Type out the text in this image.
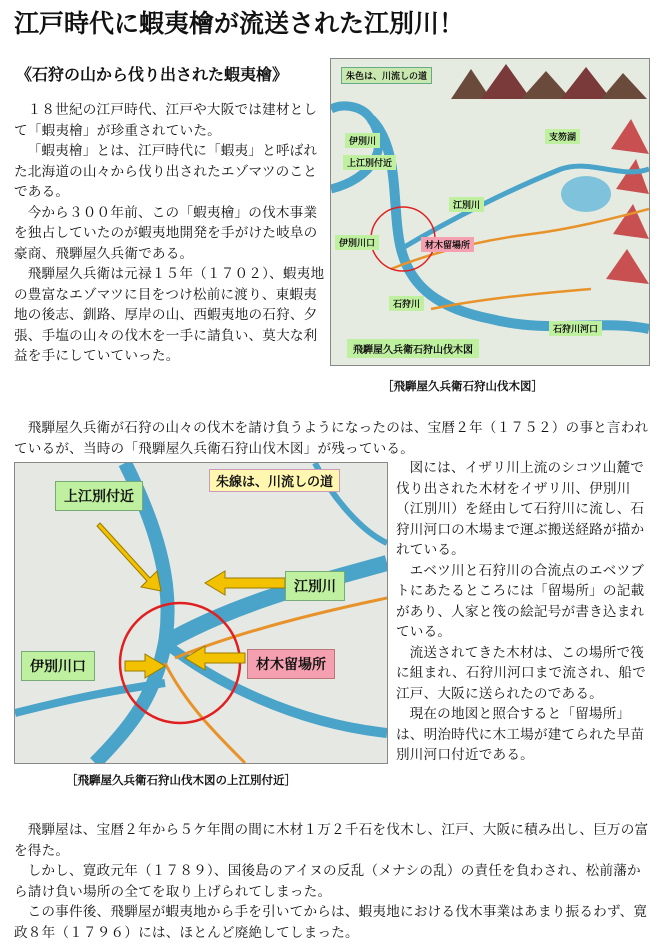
江戸時代に蝦夷檜が流送された江別川！
《石狩の山から伐り出された蝦夷檜》

１８世紀の江戸時代、江戸や大阪では建材として「蝦夷檜」が珍重されていた。

「蝦夷檜」とは、江戸時代に「蝦夷」と呼ばれた北海道の山々から伐り出されたエゾマツのことである。

今から３００年前、この「蝦夷檜」の伐木事業を独占していたのが蝦夷地開発を手がけた岐阜の豪商、飛騨屋久兵衛である。

飛騨屋久兵衛は元禄１５年（１７０２）、蝦夷地の豊富なエゾマツに目をつけ松前に渡り、東蝦夷地の後志、釧路、厚岸の山、西蝦夷地の石狩、夕張、手塩の山々の伐木を一手に請負い、莫大な利益を手にしていていった。

朱色は、川流しの道
伊別川
上江別付近
江別川
伊別川口	材木留場所
石狩川
支笏湖
石狩川河口
飛騨屋久兵衛石狩山伐木図
［飛騨屋久兵衛石狩山伐木図］

飛騨屋久兵衛が石狩の山々の伐木を請け負うようになったのは、宝暦２年（１７５２）の事と言われているが、当時の「飛騨屋久兵衛石狩山伐木図」が残っている。

朱線は、川流しの道
上江別付近
江別川
伊別川口	材木留場所
［飛騨屋久兵衛石狩山伐木図の上江別付近］

図には、イザリ川上流のシコツ山麓で伐り出された木材をイザリ川、伊別川（江別川）を経由して石狩川に流し、石狩川河口の木場まで運ぶ搬送経路が描かれている。

エベツ川と石狩川の合流点のエベツブトにあたるところには「留場所」の記載があり、人家と筏の絵記号が書き込まれている。

流送されてきた木材は、この場所で筏に組まれ、石狩川河口まで流され、船で江戸、大阪に送られたのである。

現在の地図と照合すると「留場所」は、明治時代に木工場が建てられた早苗別川河口付近である。

飛騨屋は、宝暦２年から５ケ年間の間に木材１万２千石を伐木し、江戸、大阪に積み出し、巨万の富を得た。

しかし、寛政元年（１７８９）、国後島のアイヌの反乱（メナシの乱）の責任を負わされ、松前藩から請け負い場所の全てを取り上げられてしまった。

この事件後、飛騨屋が蝦夷地から手を引いてからは、蝦夷地における伐木事業はあまり振るわず、寛政８年（１７９６）には、ほとんど廃絶してしまった。
